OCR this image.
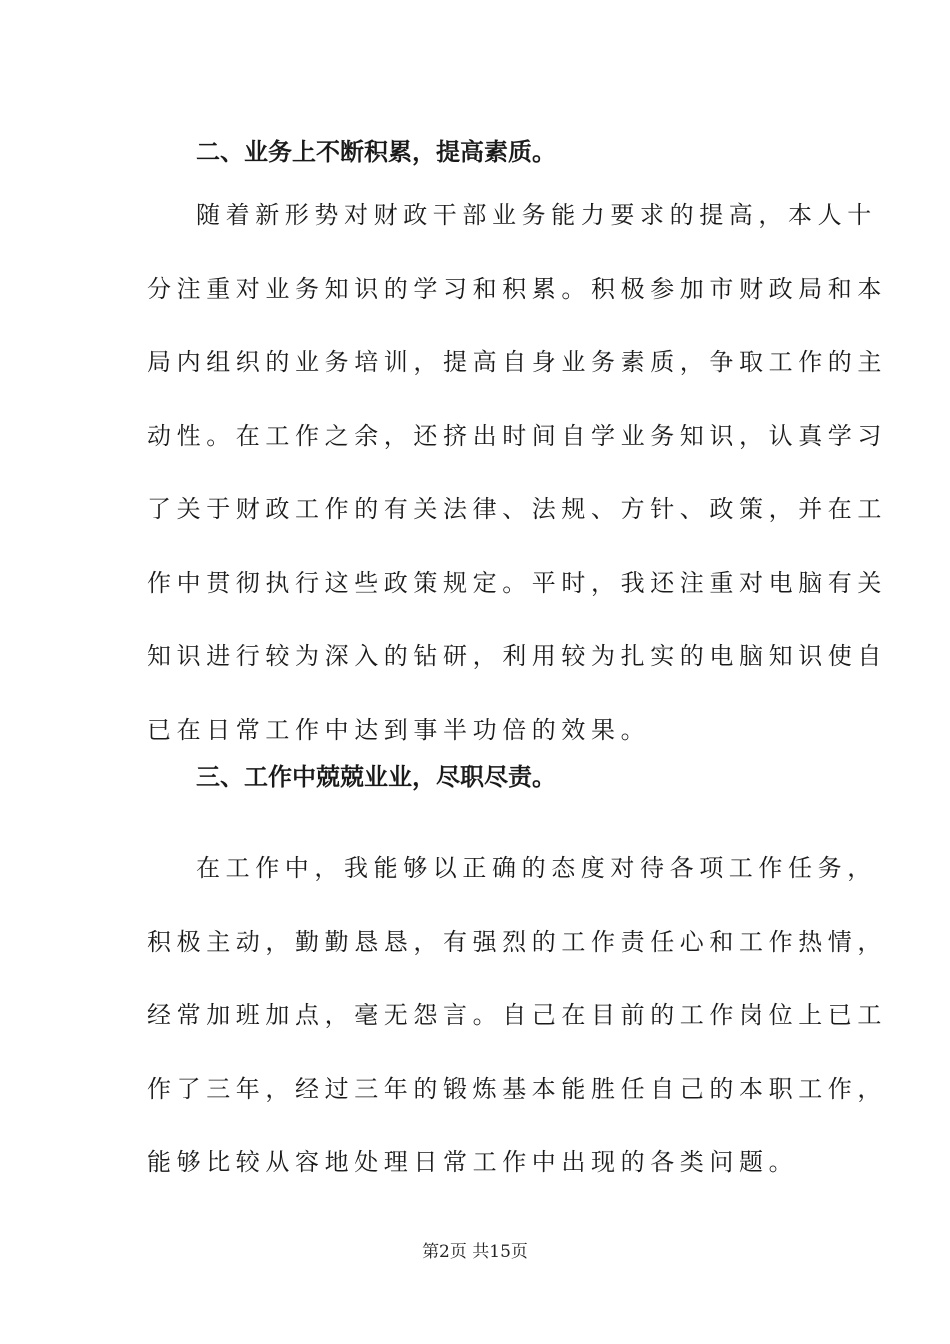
二、业务上不断积累，提高素质。
随着新形势对财政干部业务能力要求的提高，本人十
分注重对业务知识的学习和积累。积极参加市财政局和本
局内组织的业务培训，提高自身业务素质，争取工作的主
动性。在工作之余，还挤出时间自学业务知识，认真学习
了关于财政工作的有关法律、法规、方针、政策，并在工
作中贯彻执行这些政策规定。平时，我还注重对电脑有关
知识进行较为深入的钻研，利用较为扎实的电脑知识使自
已在日常工作中达到事半功倍的效果。
三、工作中兢兢业业，尽职尽责。
在工作中，我能够以正确的态度对待各项工作任务，
积极主动，勤勤恳恳，有强烈的工作责任心和工作热情，
经常加班加点，毫无怨言。自己在目前的工作岗位上已工
作了三年，经过三年的锻炼基本能胜任自己的本职工作，
能够比较从容地处理日常工作中出现的各类问题。
第2页 共15页
